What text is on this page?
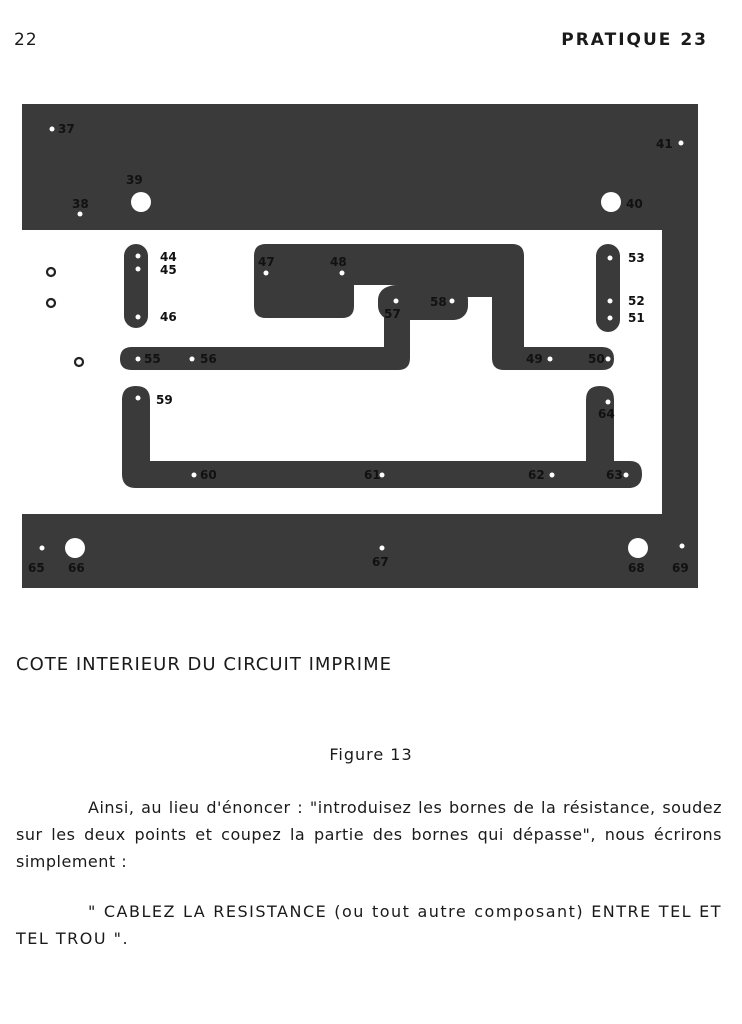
22	PRATIQUE 23
37
38
39
40
41
44
45
46
47	48
57
58
53
52
51
55	56	49	50
59
64
60	61	62	63
65 66	67	68 69
COTE INTERIEUR DU CIRCUIT IMPRIME
Figure 13
Ainsi, au lieu d'énoncer : "introduisez les bornes de la résistance, soudez sur les deux points et coupez la partie des bornes qui dépasse", nous écrirons simplement :
" CABLEZ LA RESISTANCE (ou tout autre composant) ENTRE TEL ET TEL TROU ".
